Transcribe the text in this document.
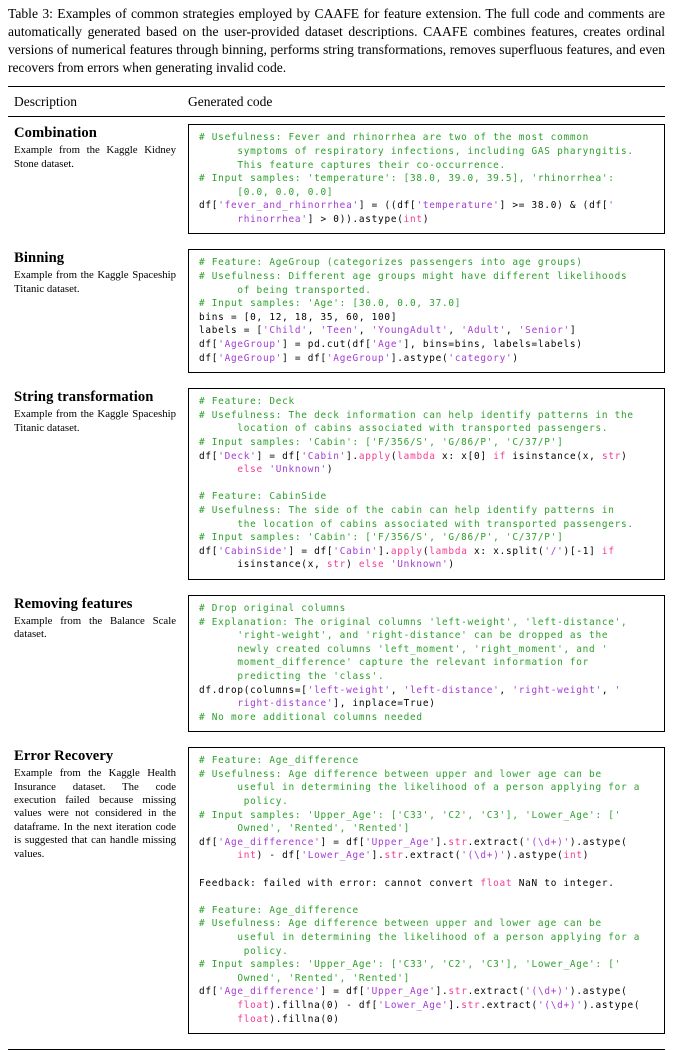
Table 3: Examples of common strategies employed by CAAFE for feature extension. The full code and comments are automatically generated based on the user-provided dataset descriptions. CAAFE combines features, creates ordinal versions of numerical features through binning, performs string transformations, removes superfluous features, and even recovers from errors when generating invalid code.

Description	Generated code
Combination

Example from the Kaggle Kidney Stone dataset.

# Usefulness: Fever and rhinorrhea are two of the most common
symptoms of respiratory infections, including GAS pharyngitis.
This feature captures their co-occurrence.
# Input samples: 'temperature': [38.0, 39.0, 39.5], 'rhinorrhea':
[0.0, 0.0, 0.0]
df['fever_and_rhinorrhea'] = ((df['temperature'] >= 38.0) & (df['
rhinorrhea'] > 0)).astype(int)
Binning

Example from the Kaggle Spaceship Titanic dataset.

# Feature: AgeGroup (categorizes passengers into age groups)
# Usefulness: Different age groups might have different likelihoods
of being transported.
# Input samples: 'Age': [30.0, 0.0, 37.0]
bins = [0, 12, 18, 35, 60, 100]
labels = ['Child', 'Teen', 'YoungAdult', 'Adult', 'Senior']
df['AgeGroup'] = pd.cut(df['Age'], bins=bins, labels=labels)
df['AgeGroup'] = df['AgeGroup'].astype('category')
String transformation

Example from the Kaggle Spaceship Titanic dataset.

# Feature: Deck
# Usefulness: The deck information can help identify patterns in the
location of cabins associated with transported passengers.
# Input samples: 'Cabin': ['F/356/S', 'G/86/P', 'C/37/P']
df['Deck'] = df['Cabin'].apply(lambda x: x[0] if isinstance(x, str)
else 'Unknown')

# Feature: CabinSide
# Usefulness: The side of the cabin can help identify patterns in
the location of cabins associated with transported passengers.
# Input samples: 'Cabin': ['F/356/S', 'G/86/P', 'C/37/P']
df['CabinSide'] = df['Cabin'].apply(lambda x: x.split('/')[-1] if
isinstance(x, str) else 'Unknown')
Removing features

Example from the Balance Scale dataset.

# Drop original columns
# Explanation: The original columns 'left-weight', 'left-distance',
'right-weight', and 'right-distance' can be dropped as the
newly created columns 'left_moment', 'right_moment', and '
moment_difference' capture the relevant information for
predicting the 'class'.
df.drop(columns=['left-weight', 'left-distance', 'right-weight', '
right-distance'], inplace=True)
# No more additional columns needed
Error Recovery

Example from the Kaggle Health Insurance dataset. The code execution failed because missing values were not considered in the dataframe. In the next iteration code is suggested that can handle missing values.

# Feature: Age_difference
# Usefulness: Age difference between upper and lower age can be
useful in determining the likelihood of a person applying for a
policy.
# Input samples: 'Upper_Age': ['C33', 'C2', 'C3'], 'Lower_Age': ['
Owned', 'Rented', 'Rented']
df['Age_difference'] = df['Upper_Age'].str.extract('(\d+)').astype(
int) - df['Lower_Age'].str.extract('(\d+)').astype(int)

Feedback: failed with error: cannot convert float NaN to integer.

# Feature: Age_difference
# Usefulness: Age difference between upper and lower age can be
useful in determining the likelihood of a person applying for a
policy.
# Input samples: 'Upper_Age': ['C33', 'C2', 'C3'], 'Lower_Age': ['
Owned', 'Rented', 'Rented']
df['Age_difference'] = df['Upper_Age'].str.extract('(\d+)').astype(
float).fillna(0) - df['Lower_Age'].str.extract('(\d+)').astype(
float).fillna(0)
